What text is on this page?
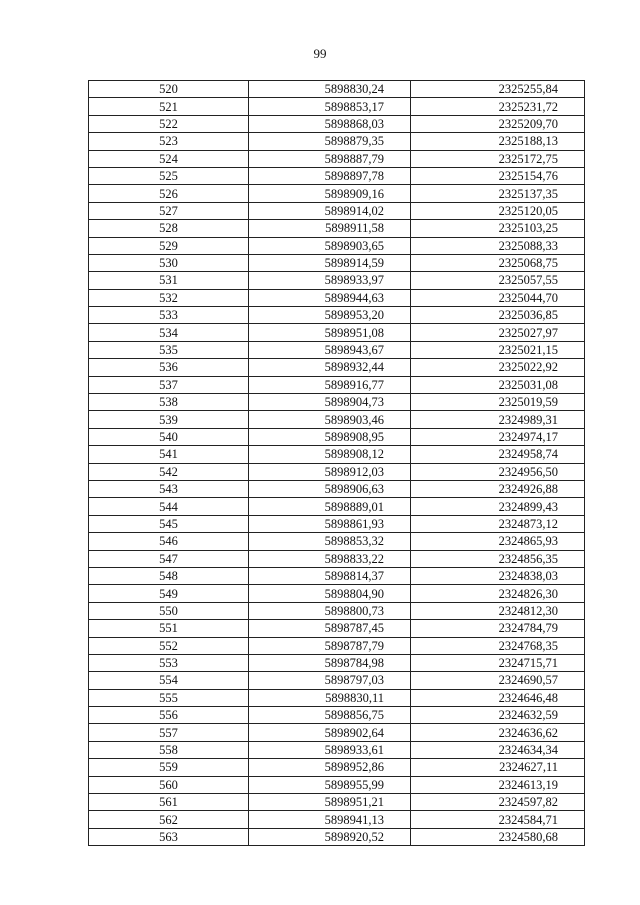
99
520	5898830,24	2325255,84
521	5898853,17	2325231,72
522	5898868,03	2325209,70
523	5898879,35	2325188,13
524	5898887,79	2325172,75
525	5898897,78	2325154,76
526	5898909,16	2325137,35
527	5898914,02	2325120,05
528	5898911,58	2325103,25
529	5898903,65	2325088,33
530	5898914,59	2325068,75
531	5898933,97	2325057,55
532	5898944,63	2325044,70
533	5898953,20	2325036,85
534	5898951,08	2325027,97
535	5898943,67	2325021,15
536	5898932,44	2325022,92
537	5898916,77	2325031,08
538	5898904,73	2325019,59
539	5898903,46	2324989,31
540	5898908,95	2324974,17
541	5898908,12	2324958,74
542	5898912,03	2324956,50
543	5898906,63	2324926,88
544	5898889,01	2324899,43
545	5898861,93	2324873,12
546	5898853,32	2324865,93
547	5898833,22	2324856,35
548	5898814,37	2324838,03
549	5898804,90	2324826,30
550	5898800,73	2324812,30
551	5898787,45	2324784,79
552	5898787,79	2324768,35
553	5898784,98	2324715,71
554	5898797,03	2324690,57
555	5898830,11	2324646,48
556	5898856,75	2324632,59
557	5898902,64	2324636,62
558	5898933,61	2324634,34
559	5898952,86	2324627,11
560	5898955,99	2324613,19
561	5898951,21	2324597,82
562	5898941,13	2324584,71
563	5898920,52	2324580,68
